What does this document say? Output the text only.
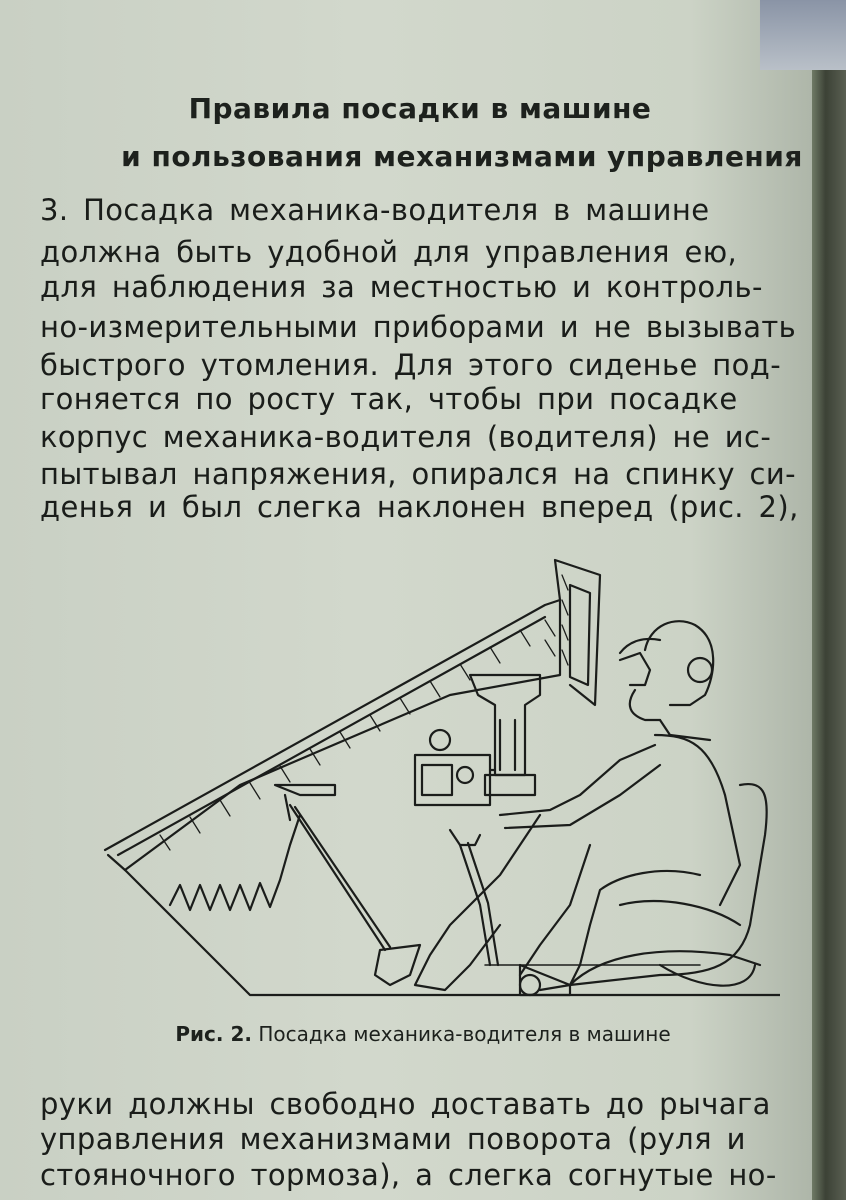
Правила посадки в машине
и пользования механизмами управления
3. Посадка механика-водителя в машине
должна быть удобной для управления ею,
для наблюдения за местностью и контроль-
но-измерительными приборами и не вызывать
быстрого утомления. Для этого сиденье под-
гоняется по росту так, чтобы при посадке
корпус механика-водителя (водителя) не ис-
пытывал напряжения, опирался на спинку си-
денья и был слегка наклонен вперед (рис. 2),
Рис. 2. Посадка механика-водителя в машине
руки должны свободно доставать до рычага
управления механизмами поворота (руля и
стояночного тормоза), а слегка согнутые но-
